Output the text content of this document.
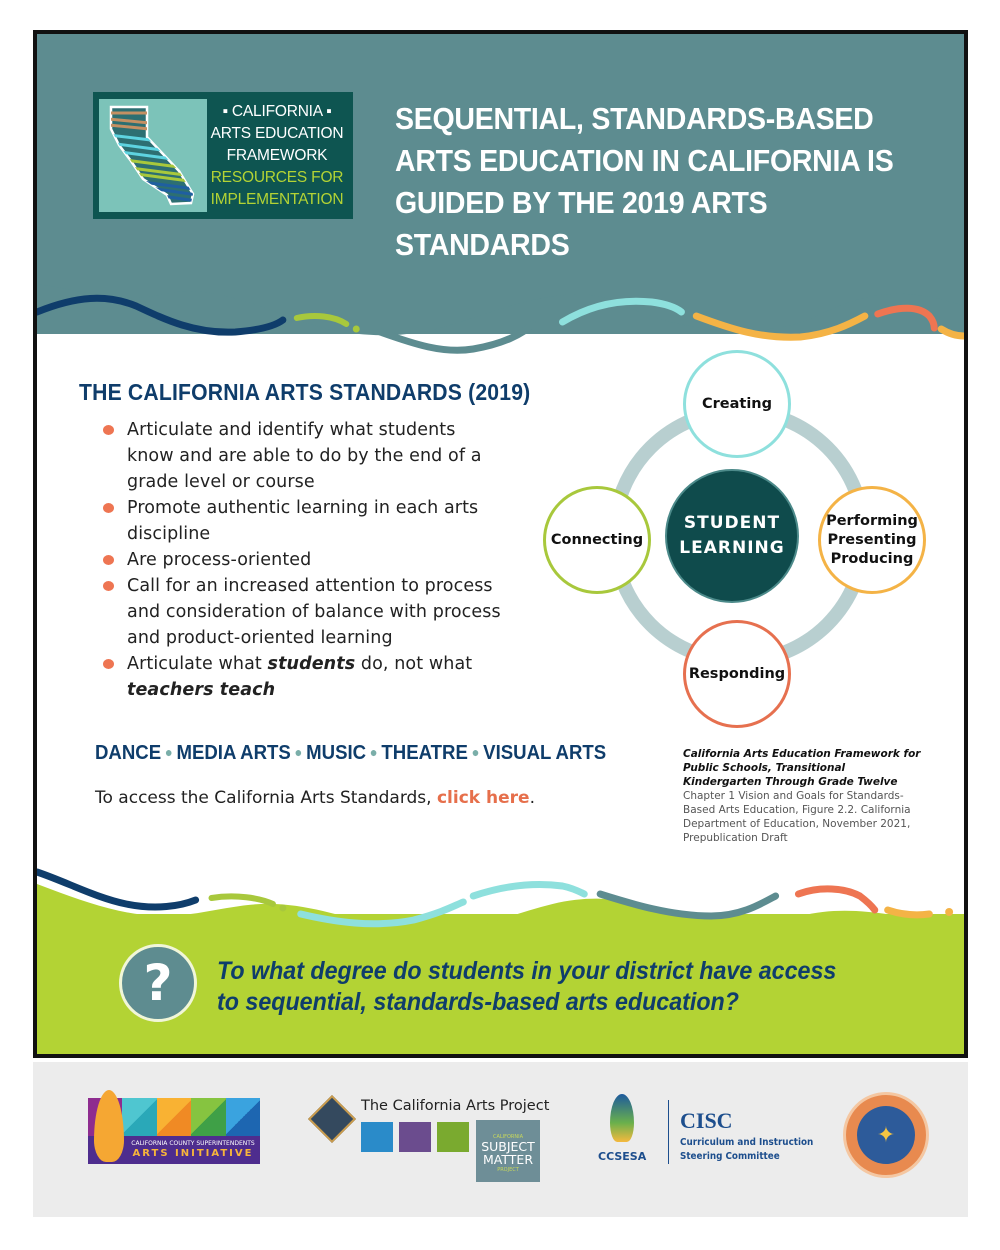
▪ CALIFORNIA ▪
ARTS EDUCATION
FRAMEWORK
RESOURCES FOR
IMPLEMENTATION
SEQUENTIAL, STANDARDS-BASED
ARTS EDUCATION IN CALIFORNIA IS
GUIDED BY THE 2019 ARTS STANDARDS
THE CALIFORNIA ARTS STANDARDS (2019)
Articulate and identify what students know and are able to do by the end of a grade level or course
Promote authentic learning in each arts discipline
Are process-oriented
Call for an increased attention to process and consideration of balance with process and product-oriented learning
Articulate what students do, not what
teachers teach
DANCE ● MEDIA ARTS ● MUSIC ● THEATRE ● VISUAL ARTS
To access the California Arts Standards, click here.
Creating
Performing
Presenting
Producing
Responding
Connecting
STUDENT
LEARNING
California Arts Education Framework for Public Schools, Transitional Kindergarten Through Grade Twelve
Chapter 1 Vision and Goals for Standards-Based Arts Education, Figure 2.2. California Department of Education, November 2021, Prepublication Draft
?	To what degree do students in your district have access
to sequential, standards-based arts education?
CALIFORNIA COUNTY SUPERINTENDENTS
ARTS INITIATIVE
The California Arts Project
CALIFORNIA
SUBJECT
MATTER
PROJECT
CCSESA
CISC
Curriculum and Instruction
Steering Committee
✦
